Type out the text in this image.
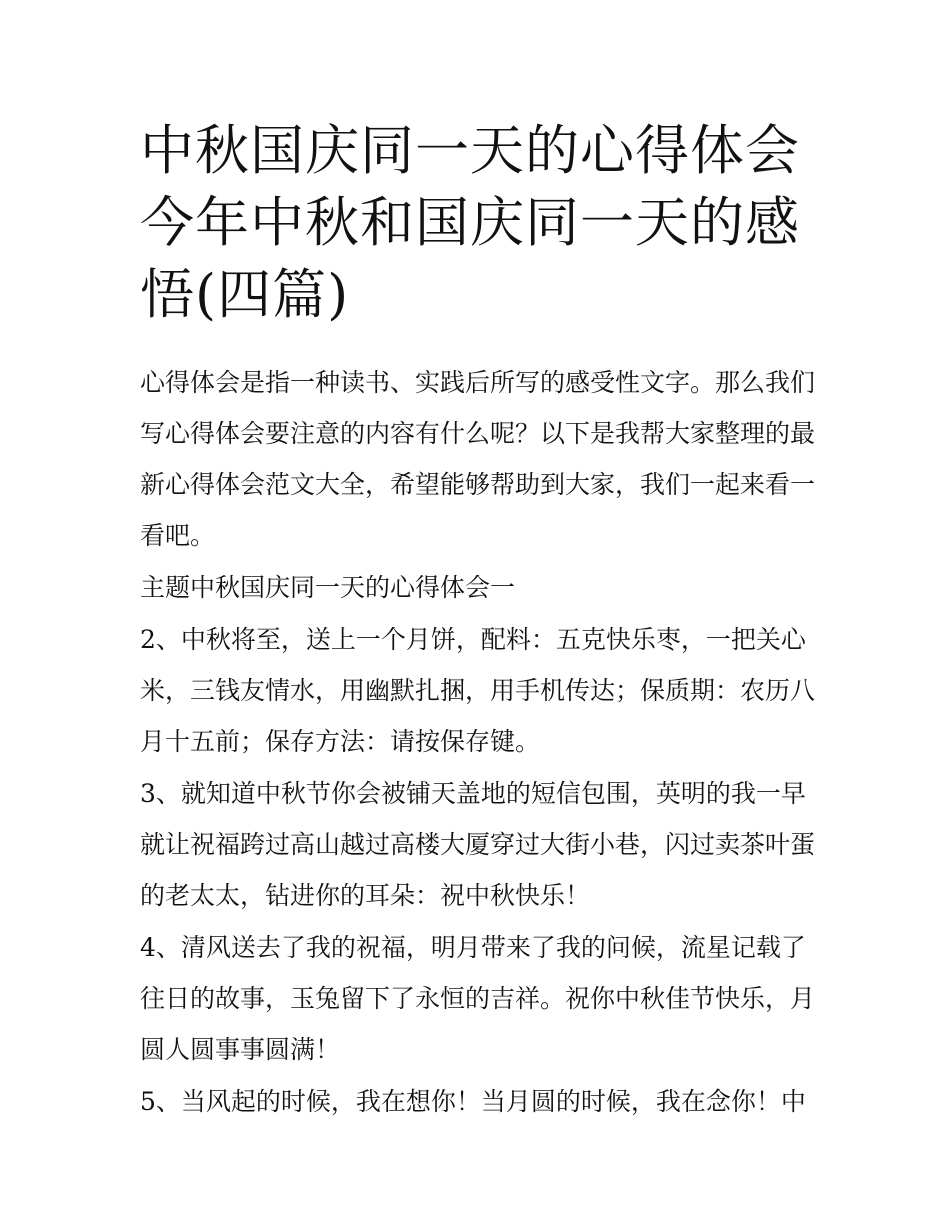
中秋国庆同一天的心得体会 今年中秋和国庆同一天的感悟(四篇)

心得体会是指一种读书、实践后所写的感受性文字。那么我们写心得体会要注意的内容有什么呢？以下是我帮大家整理的最新心得体会范文大全，希望能够帮助到大家，我们一起来看一看吧。

主题中秋国庆同一天的心得体会一

2、中秋将至，送上一个月饼，配料：五克快乐枣，一把关心米，三钱友情水，用幽默扎捆，用手机传达；保质期：农历八月十五前；保存方法：请按保存键。

3、就知道中秋节你会被铺天盖地的短信包围，英明的我一早就让祝福跨过高山越过高楼大厦穿过大街小巷，闪过卖茶叶蛋的老太太，钻进你的耳朵：祝中秋快乐！

4、清风送去了我的祝福，明月带来了我的问候，流星记载了往日的故事，玉兔留下了永恒的吉祥。祝你中秋佳节快乐，月圆人圆事事圆满！

5、当风起的时候，我在想你！当月圆的时候，我在念你！中
